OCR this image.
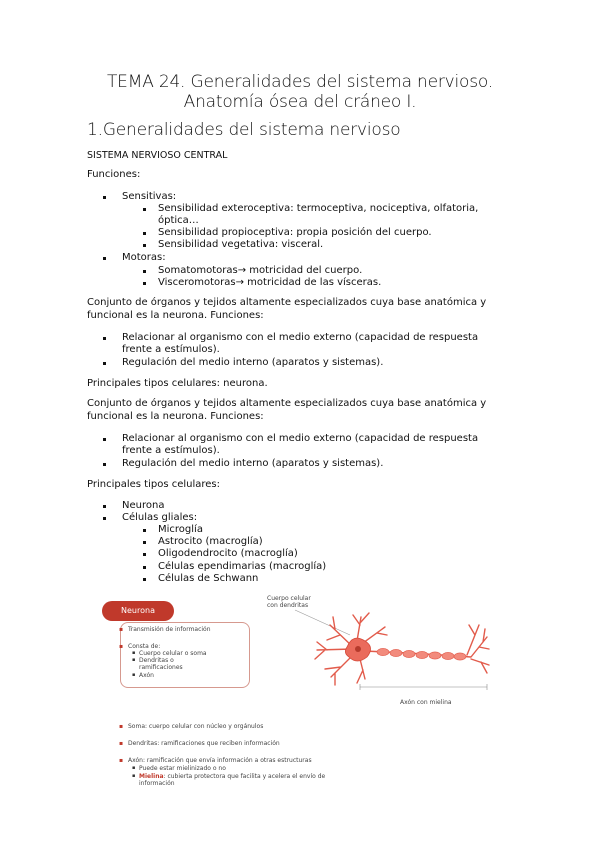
TEMA 24. Generalidades del sistema nervioso.
Anatomía ósea del cráneo I.
1.Generalidades del sistema nervioso
SISTEMA NERVIOSO CENTRAL
Funciones:
Sensitivas:
Sensibilidad exteroceptiva: termoceptiva, nociceptiva, olfatoria,
óptica…
Sensibilidad propioceptiva: propia posición del cuerpo.
Sensibilidad vegetativa: visceral.
Motoras:
Somatomotoras→ motricidad del cuerpo.
Visceromotoras→ motricidad de las vísceras.
Conjunto de órganos y tejidos altamente especializados cuya base anatómica y
funcional es la neurona. Funciones:
Relacionar al organismo con el medio externo (capacidad de respuesta
frente a estímulos).
Regulación del medio interno (aparatos y sistemas).
Principales tipos celulares: neurona.
Conjunto de órganos y tejidos altamente especializados cuya base anatómica y
funcional es la neurona. Funciones:
Relacionar al organismo con el medio externo (capacidad de respuesta
frente a estímulos).
Regulación del medio interno (aparatos y sistemas).
Principales tipos celulares:
Neurona
Células gliales:
Microglía
Astrocito (macroglía)
Oligodendrocito (macroglía)
Células ependimarias (macroglía)
Células de Schwann
Neurona
▪ Transmisión de información
▪ Consta de:
▪ Cuerpo celular o soma
▪ Dendritas o
ramificaciones
▪ Axón
Cuerpo celular
con dendritas
Axón con mielina
▪ Soma: cuerpo celular con núcleo y orgánulos
▪ Dendritas: ramificaciones que reciben información
▪ Axón: ramificación que envía información a otras estructuras
▪ Puede estar mielinizado o no
▪ Mielina: cubierta protectora que facilita y acelera el envío de
información
